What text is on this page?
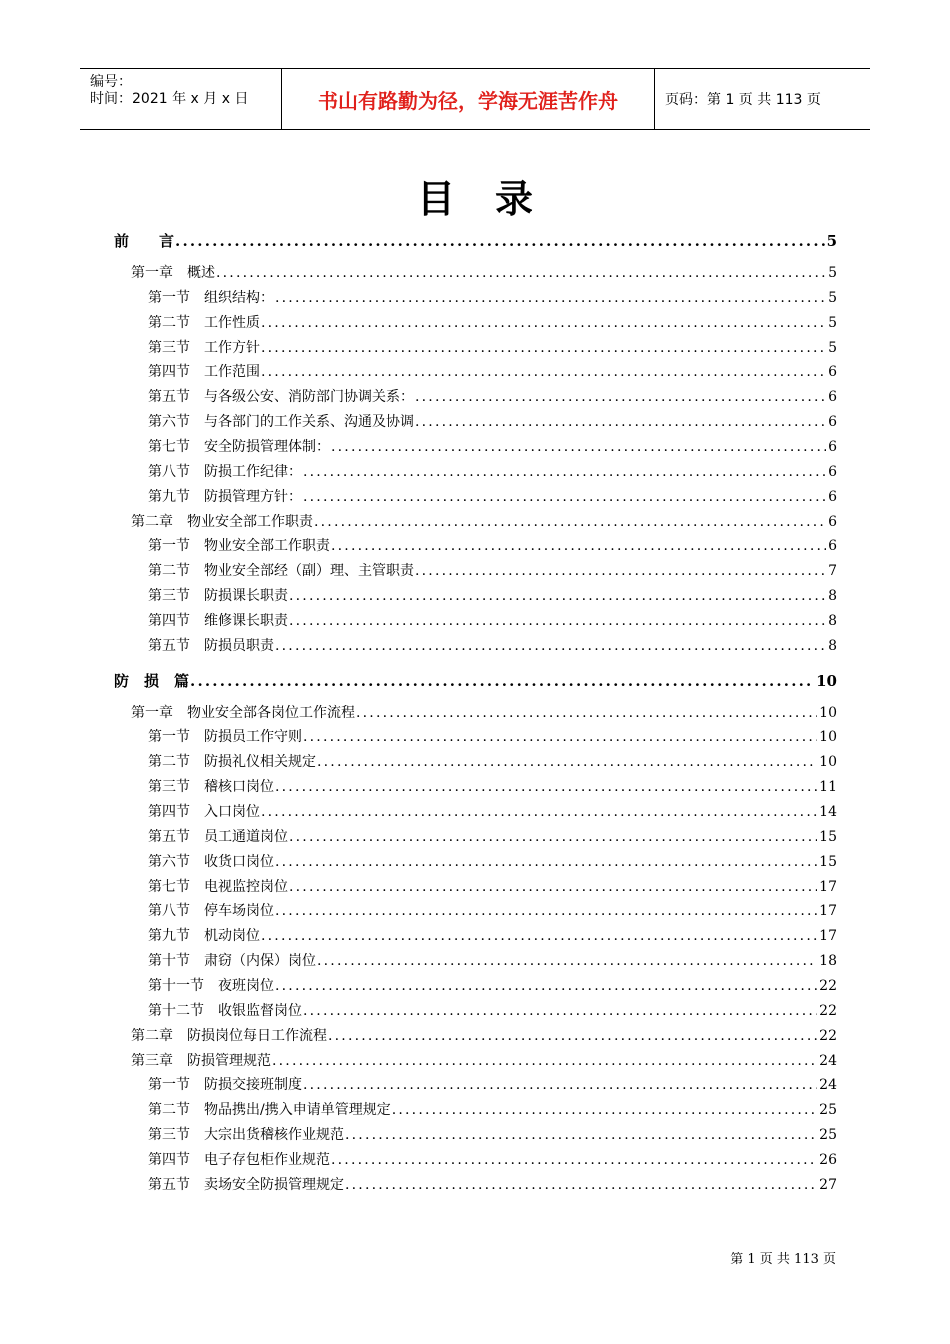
编号：
时间：2021 年 x 月 x 日	书山有路勤为径，学海无涯苦作舟	页码：第 1 页 共 113 页
目录
前　　言 .....	5
第一章　概述 .....	5
第一节　组织结构： .....	5
第二节　工作性质 .....	5
第三节　工作方针 .....	5
第四节　工作范围 .....	6
第五节　与各级公安、消防部门协调关系： .....	6
第六节　与各部门的工作关系、沟通及协调 .....	6
第七节　安全防损管理体制： .....	6
第八节　防损工作纪律： .....	6
第九节　防损管理方针： .....	6
第二章　物业安全部工作职责 .....	6
第一节　物业安全部工作职责 .....	6
第二节　物业安全部经（副）理、主管职责 .....	7
第三节　防损课长职责 .....	8
第四节　维修课长职责 .....	8
第五节　防损员职责 .....	8
防　损　篇 .....	10
第一章　物业安全部各岗位工作流程 .....	10
第一节　防损员工作守则 .....	10
第二节　防损礼仪相关规定 .....	10
第三节　稽核口岗位 .....	11
第四节　入口岗位 .....	14
第五节　员工通道岗位 .....	15
第六节　收货口岗位 .....	15
第七节　电视监控岗位 .....	17
第八节　停车场岗位 .....	17
第九节　机动岗位 .....	17
第十节　肃窃（内保）岗位 .....	18
第十一节　夜班岗位 .....	22
第十二节　收银监督岗位 .....	22
第二章　防损岗位每日工作流程 .....	22
第三章　防损管理规范 .....	24
第一节　防损交接班制度 .....	24
第二节　物品携出/携入申请单管理规定 .....	25
第三节　大宗出货稽核作业规范 .....	25
第四节　电子存包柜作业规范 .....	26
第五节　卖场安全防损管理规定 .....	27
第 1 页 共 113 页
